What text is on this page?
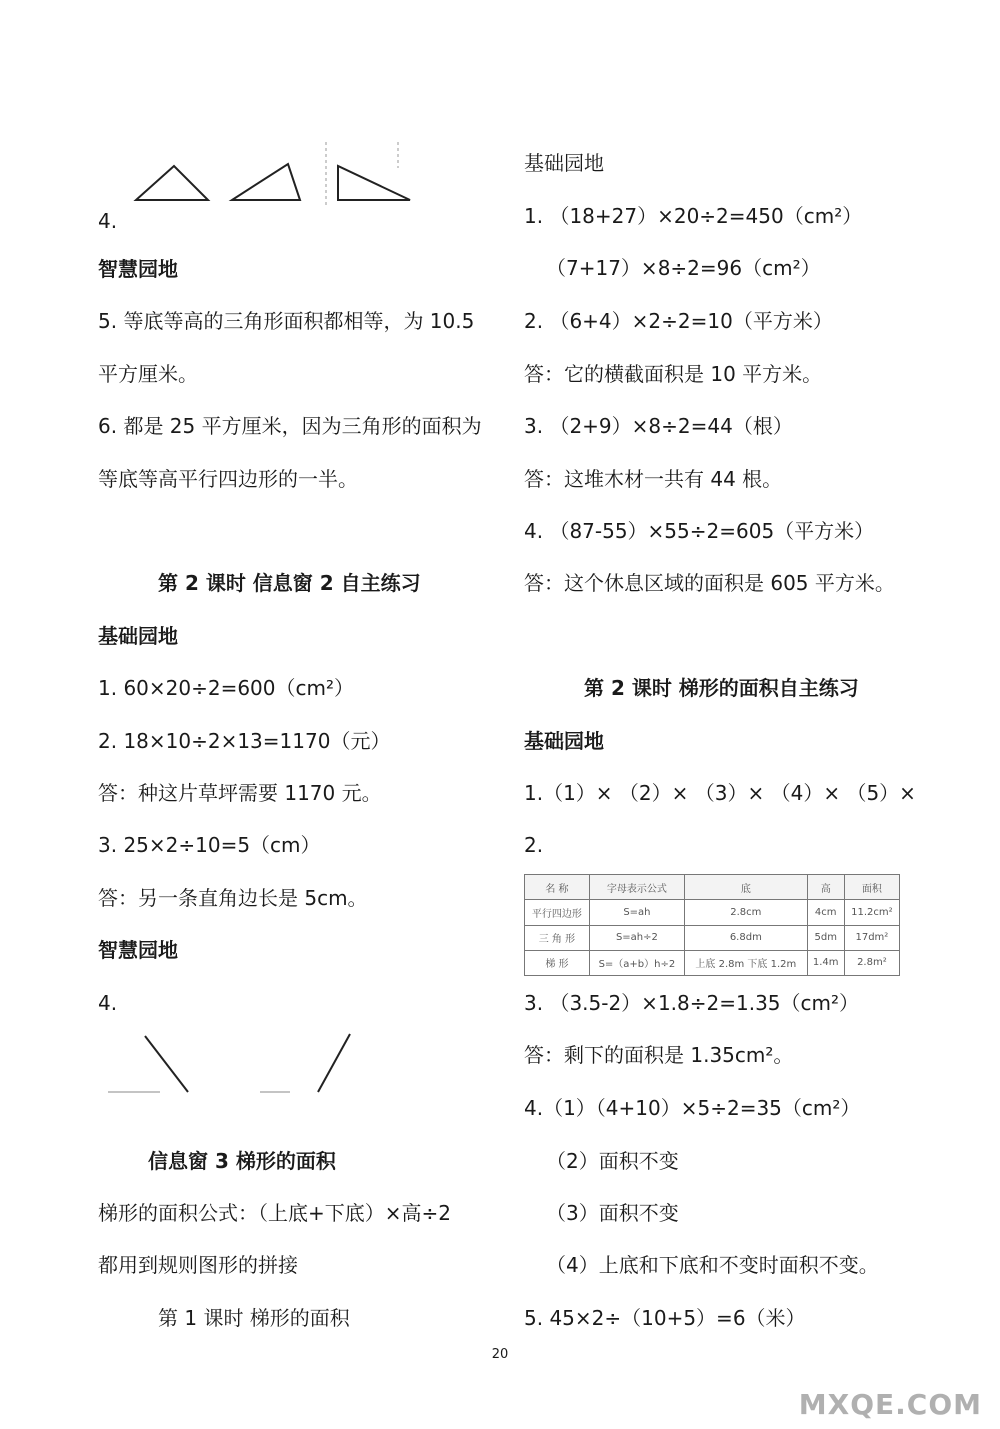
4.
智慧园地
5. 等底等高的三角形面积都相等，为 10.5
平方厘米。
6. 都是 25 平方厘米，因为三角形的面积为
等底等高平行四边形的一半。
第 2 课时 信息窗 2 自主练习
基础园地
1. 60×20÷2=600（cm²）
2. 18×10÷2×13=1170（元）
答：种这片草坪需要 1170 元。
3. 25×2÷10=5（cm）
答：另一条直角边长是 5cm。
智慧园地
4.
信息窗 3 梯形的面积
梯形的面积公式：（上底+下底）×高÷2
都用到规则图形的拼接
第 1 课时 梯形的面积
基础园地
1. （18+27）×20÷2=450（cm²）
（7+17）×8÷2=96（cm²）
2. （6+4）×2÷2=10（平方米）
答：它的横截面积是 10 平方米。
3. （2+9）×8÷2=44（根）
答：这堆木材一共有 44 根。
4. （87-55）×55÷2=605（平方米）
答：这个休息区域的面积是 605 平方米。
第 2 课时 梯形的面积自主练习
基础园地
1.（1）× （2）× （3）× （4）× （5）×
2.
名 称	字母表示公式	底	高	面积
平行四边形	S=ah	2.8cm	4cm	11.2cm²
三 角 形	S=ah÷2	6.8dm	5dm	17dm²
梯 形	S=（a+b）h÷2	上底 2.8m 下底 1.2m	1.4m	2.8m²
3. （3.5-2）×1.8÷2=1.35（cm²）
答：剩下的面积是 1.35cm²。
4.（1）（4+10）×5÷2=35（cm²）
（2）面积不变
（3）面积不变
（4）上底和下底和不变时面积不变。
5. 45×2÷（10+5）=6（米）
20
MXQE.COM
